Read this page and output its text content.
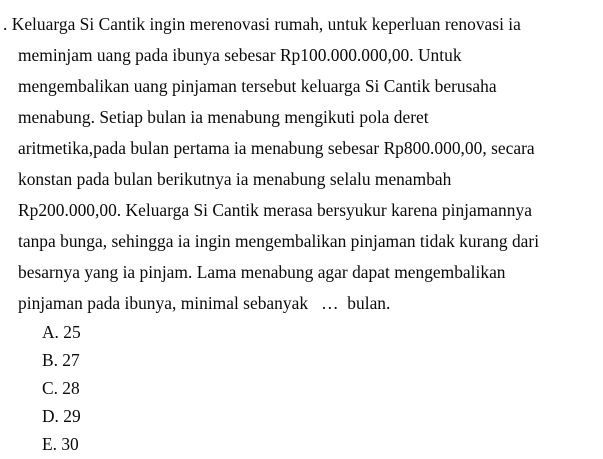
. Keluarga Si Cantik ingin merenovasi rumah, untuk keperluan renovasi ia
meminjam uang pada ibunya sebesar Rp100.000.000,00. Untuk
mengembalikan uang pinjaman tersebut keluarga Si Cantik berusaha
menabung. Setiap bulan ia menabung mengikuti pola deret
aritmetika,pada bulan pertama ia menabung sebesar Rp800.000,00, secara
konstan pada bulan berikutnya ia menabung selalu menambah
Rp200.000,00. Keluarga Si Cantik merasa bersyukur karena pinjamannya
tanpa bunga, sehingga ia ingin mengembalikan pinjaman tidak kurang dari
besarnya yang ia pinjam. Lama menabung agar dapat mengembalikan
pinjaman pada ibunya, minimal sebanyak   …  bulan.
A. 25
B. 27
C. 28
D. 29
E. 30
